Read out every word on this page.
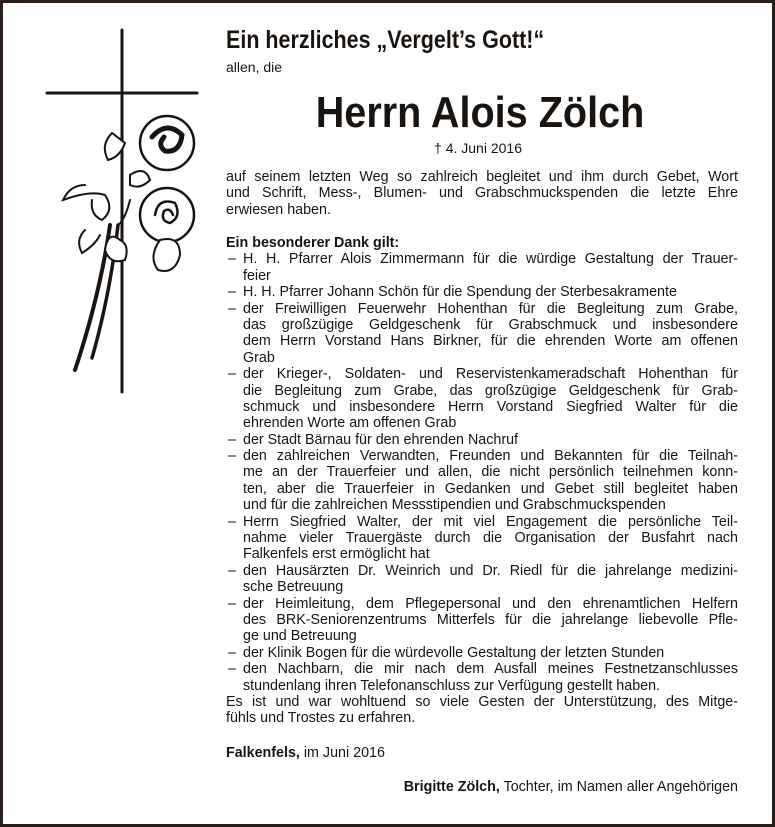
Ein herzliches „Vergelt’s Gott!“
allen, die
Herrn Alois Zölch
† 4. Juni 2016
auf seinem letzten Weg so zahlreich begleitet und ihm durch Gebet, Wort
und Schrift, Mess-, Blumen- und Grabschmuckspenden die letzte Ehre
erwiesen haben.
Ein besonderer Dank gilt:
– H. H. Pfarrer Alois Zimmermann für die würdige Gestaltung der Trauer-
feier
– H. H. Pfarrer Johann Schön für die Spendung der Sterbesakramente
– der Freiwilligen Feuerwehr Hohenthan für die Begleitung zum Grabe,
das großzügige Geldgeschenk für Grabschmuck und insbesondere
dem Herrn Vorstand Hans Birkner, für die ehrenden Worte am offenen
Grab
– der Krieger-, Soldaten- und Reservistenkameradschaft Hohenthan für
die Begleitung zum Grabe, das großzügige Geldgeschenk für Grab-
schmuck und insbesondere Herrn Vorstand Siegfried Walter für die
ehrenden Worte am offenen Grab
– der Stadt Bärnau für den ehrenden Nachruf
– den zahlreichen Verwandten, Freunden und Bekannten für die Teilnah-
me an der Trauerfeier und allen, die nicht persönlich teilnehmen konn-
ten, aber die Trauerfeier in Gedanken und Gebet still begleitet haben
und für die zahlreichen Messstipendien und Grabschmuckspenden
– Herrn Siegfried Walter, der mit viel Engagement die persönliche Teil-
nahme vieler Trauergäste durch die Organisation der Busfahrt nach
Falkenfels erst ermöglicht hat
– den Hausärzten Dr. Weinrich und Dr. Riedl für die jahrelange medizini-
sche Betreuung
– der Heimleitung, dem Pflegepersonal und den ehrenamtlichen Helfern
des BRK-Seniorenzentrums Mitterfels für die jahrelange liebevolle Pfle-
ge und Betreuung
– der Klinik Bogen für die würdevolle Gestaltung der letzten Stunden
– den Nachbarn, die mir nach dem Ausfall meines Festnetzanschlusses
stundenlang ihren Telefonanschluss zur Verfügung gestellt haben.
Es ist und war wohltuend so viele Gesten der Unterstützung, des Mitge-
fühls und Trostes zu erfahren.
Falkenfels, im Juni 2016
Brigitte Zölch, Tochter, im Namen aller Angehörigen
